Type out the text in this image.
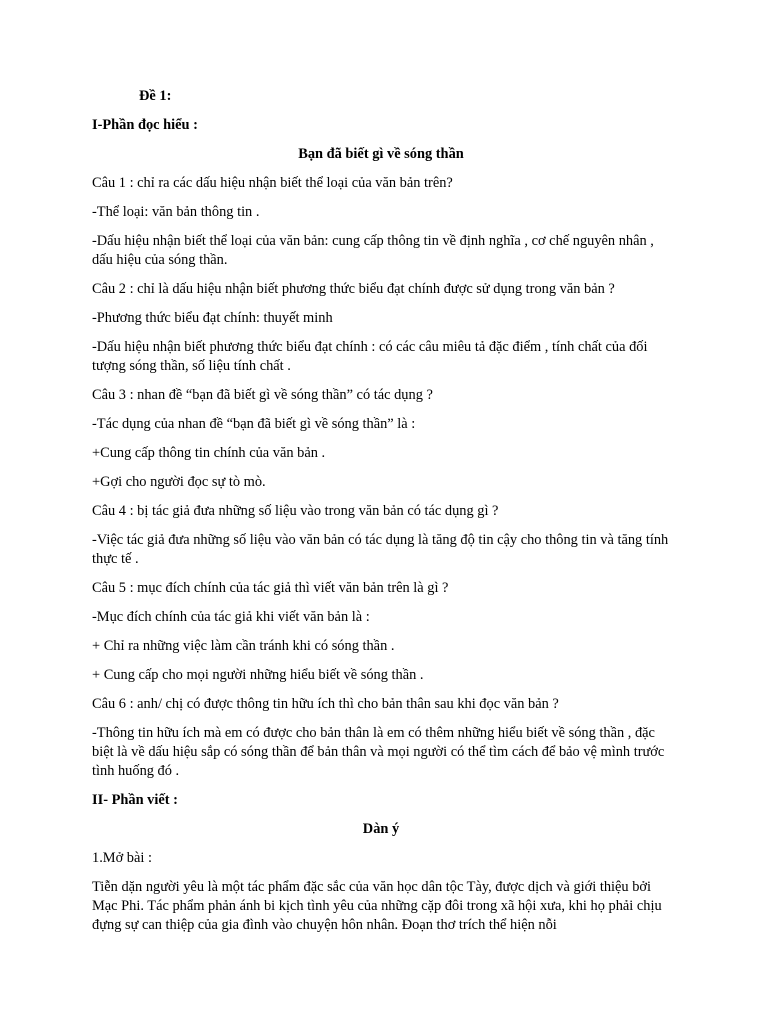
Đề 1:

I-Phần đọc hiểu :

Bạn đã biết gì về sóng thần

Câu 1 : chỉ ra các dấu hiệu nhận biết thể loại của văn bản trên?

-Thể loại: văn bản thông tin .

-Dấu hiệu nhận biết thể loại của văn bản: cung cấp thông tin về định nghĩa , cơ chế nguyên nhân , dấu hiệu của sóng thần.

Câu 2 : chỉ là dấu hiệu nhận biết phương thức biểu đạt chính được sử dụng trong văn bản ?

-Phương thức biểu đạt chính: thuyết minh

-Dấu hiệu nhận biết phương thức biểu đạt chính : có các câu miêu tả đặc điểm , tính chất của đối tượng sóng thần, số liệu tính chất .

Câu 3 : nhan đề “bạn đã biết gì về sóng thần” có tác dụng ?

-Tác dụng của nhan đề “bạn đã biết gì về sóng thần” là :

+Cung cấp thông tin chính của văn bản .

+Gợi cho người đọc sự tò mò.

Câu 4 : bị tác giả đưa những số liệu vào trong văn bản có tác dụng gì ?

-Việc tác giả đưa những số liệu vào văn bản có tác dụng là tăng độ tin cậy cho thông tin và tăng tính thực tế .

Câu 5 : mục đích chính của tác giả thì viết văn bản trên là gì ?

-Mục đích chính của tác giả khi viết văn bản là :

+ Chỉ ra những việc làm cần tránh khi có sóng thần .

+ Cung cấp cho mọi người những hiểu biết về sóng thần .

Câu 6 : anh/ chị có được thông tin hữu ích thì cho bản thân sau khi đọc văn bản ?

-Thông tin hữu ích mà em có được cho bản thân là em có thêm những hiểu biết về sóng thần , đặc biệt là về dấu hiệu sắp có sóng thần để bản thân và mọi người có thể tìm cách để bảo vệ mình trước tình huống đó .

II- Phần viết :

Dàn ý

1.Mở bài :

Tiễn dặn người yêu là một tác phẩm đặc sắc của văn học dân tộc Tày, được dịch và giới thiệu bởi Mạc Phi. Tác phẩm phản ánh bi kịch tình yêu của những cặp đôi trong xã hội xưa, khi họ phải chịu đựng sự can thiệp của gia đình vào chuyện hôn nhân. Đoạn thơ trích thể hiện nỗi
